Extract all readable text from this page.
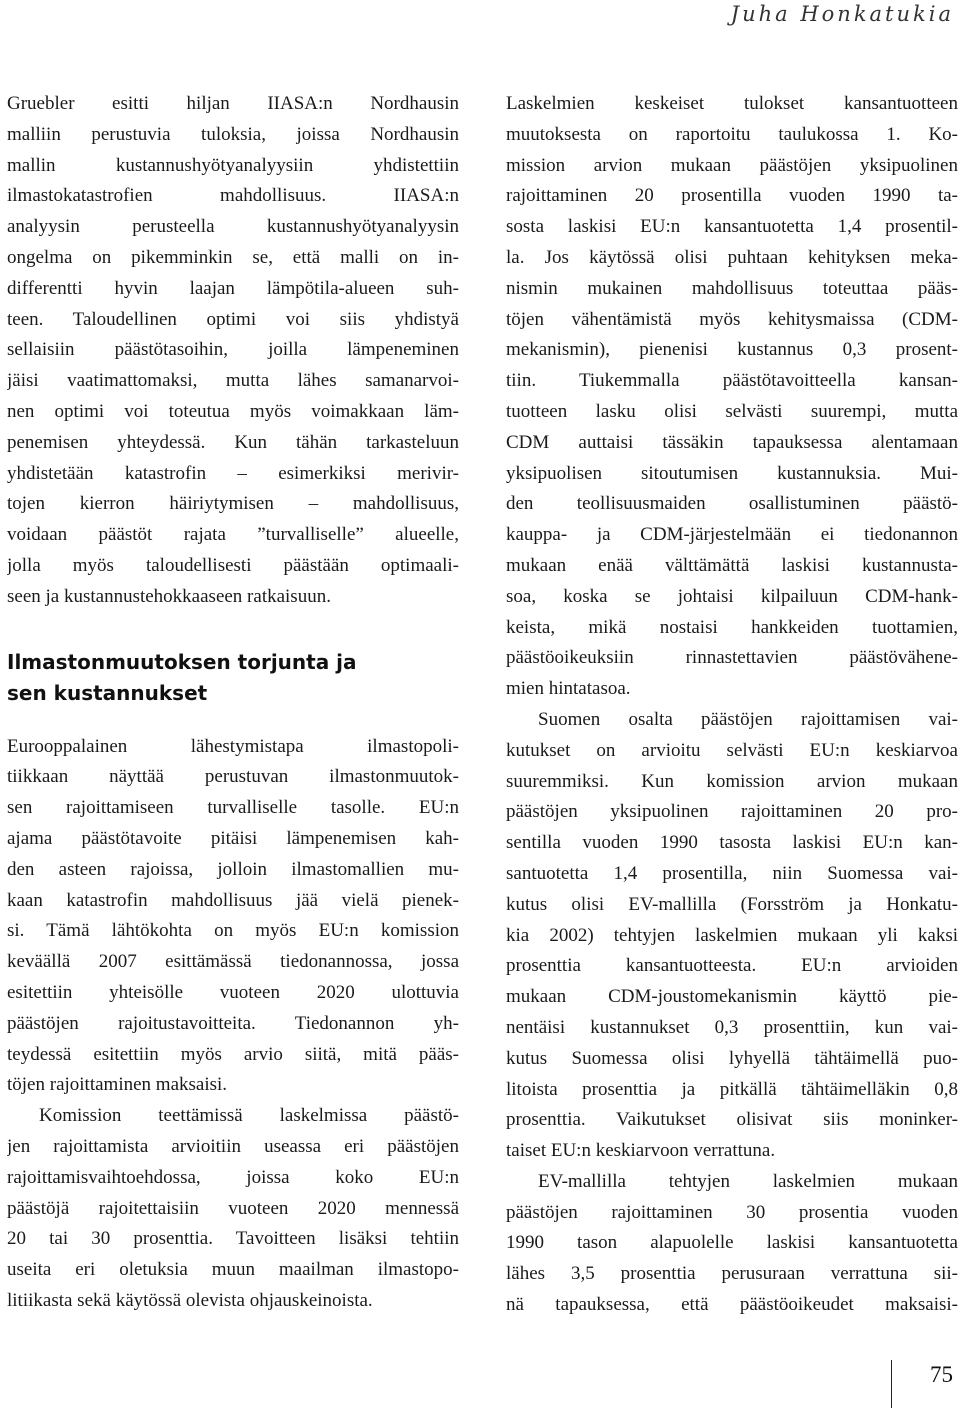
Juha Honkatukia
Gruebler esitti hiljan IIASA:n Nordhausin
malliin perustuvia tuloksia, joissa Nordhausin
mallin kustannushyötyanalyysiin yhdistettiin
ilmastokatastrofien mahdollisuus. IIASA:n
analyysin perusteella kustannushyötyanalyysin
ongelma on pikemminkin se, että malli on in-
differentti hyvin laajan lämpötila-alueen suh-
teen. Taloudellinen optimi voi siis yhdistyä
sellaisiin päästötasoihin, joilla lämpeneminen
jäisi vaatimattomaksi, mutta lähes samanarvoi-
nen optimi voi toteutua myös voimakkaan läm-
penemisen yhteydessä. Kun tähän tarkasteluun
yhdistetään katastrofin – esimerkiksi merivir-
tojen kierron häiriytymisen – mahdollisuus,
voidaan päästöt rajata ”turvalliselle” alueelle,
jolla myös taloudellisesti päästään optimaali-
seen ja kustannustehokkaaseen ratkaisuun.
Ilmastonmuutoksen torjunta ja
sen kustannukset
Eurooppalainen lähestymistapa ilmastopoli-
tiikkaan näyttää perustuvan ilmastonmuutok-
sen rajoittamiseen turvalliselle tasolle. EU:n
ajama päästötavoite pitäisi lämpenemisen kah-
den asteen rajoissa, jolloin ilmastomallien mu-
kaan katastrofin mahdollisuus jää vielä pienek-
si. Tämä lähtökohta on myös EU:n komission
keväällä 2007 esittämässä tiedonannossa, jossa
esitettiin yhteisölle vuoteen 2020 ulottuvia
päästöjen rajoitustavoitteita. Tiedonannon yh-
teydessä esitettiin myös arvio siitä, mitä pääs-
töjen rajoittaminen maksaisi.
Komission teettämissä laskelmissa päästö-
jen rajoittamista arvioitiin useassa eri päästöjen
rajoittamisvaihtoehdossa, joissa koko EU:n
päästöjä rajoitettaisiin vuoteen 2020 mennessä
20 tai 30 prosenttia. Tavoitteen lisäksi tehtiin
useita eri oletuksia muun maailman ilmastopo-
litiikasta sekä käytössä olevista ohjauskeinoista.
Laskelmien keskeiset tulokset kansantuotteen
muutoksesta on raportoitu taulukossa 1. Ko-
mission arvion mukaan päästöjen yksipuolinen
rajoittaminen 20 prosentilla vuoden 1990 ta-
sosta laskisi EU:n kansantuotetta 1,4 prosentil-
la. Jos käytössä olisi puhtaan kehityksen meka-
nismin mukainen mahdollisuus toteuttaa pääs-
töjen vähentämistä myös kehitysmaissa (CDM-
mekanismin), pienenisi kustannus 0,3 prosent-
tiin. Tiukemmalla päästötavoitteella kansan-
tuotteen lasku olisi selvästi suurempi, mutta
CDM auttaisi tässäkin tapauksessa alentamaan
yksipuolisen sitoutumisen kustannuksia. Mui-
den teollisuusmaiden osallistuminen päästö-
kauppa- ja CDM-järjestelmään ei tiedonannon
mukaan enää välttämättä laskisi kustannusta-
soa, koska se johtaisi kilpailuun CDM-hank-
keista, mikä nostaisi hankkeiden tuottamien,
päästöoikeuksiin rinnastettavien päästövähene-
mien hintatasoa.
Suomen osalta päästöjen rajoittamisen vai-
kutukset on arvioitu selvästi EU:n keskiarvoa
suuremmiksi. Kun komission arvion mukaan
päästöjen yksipuolinen rajoittaminen 20 pro-
sentilla vuoden 1990 tasosta laskisi EU:n kan-
santuotetta 1,4 prosentilla, niin Suomessa vai-
kutus olisi EV-mallilla (Forsström ja Honkatu-
kia 2002) tehtyjen laskelmien mukaan yli kaksi
prosenttia kansantuotteesta. EU:n arvioiden
mukaan CDM-joustomekanismin käyttö pie-
nentäisi kustannukset 0,3 prosenttiin, kun vai-
kutus Suomessa olisi lyhyellä tähtäimellä puo-
litoista prosenttia ja pitkällä tähtäimelläkin 0,8
prosenttia. Vaikutukset olisivat siis moninker-
taiset EU:n keskiarvoon verrattuna.
EV-mallilla tehtyjen laskelmien mukaan
päästöjen rajoittaminen 30 prosentia vuoden
1990 tason alapuolelle laskisi kansantuotetta
lähes 3,5 prosenttia perusuraan verrattuna sii-
nä tapauksessa, että päästöoikeudet maksaisi-
75
